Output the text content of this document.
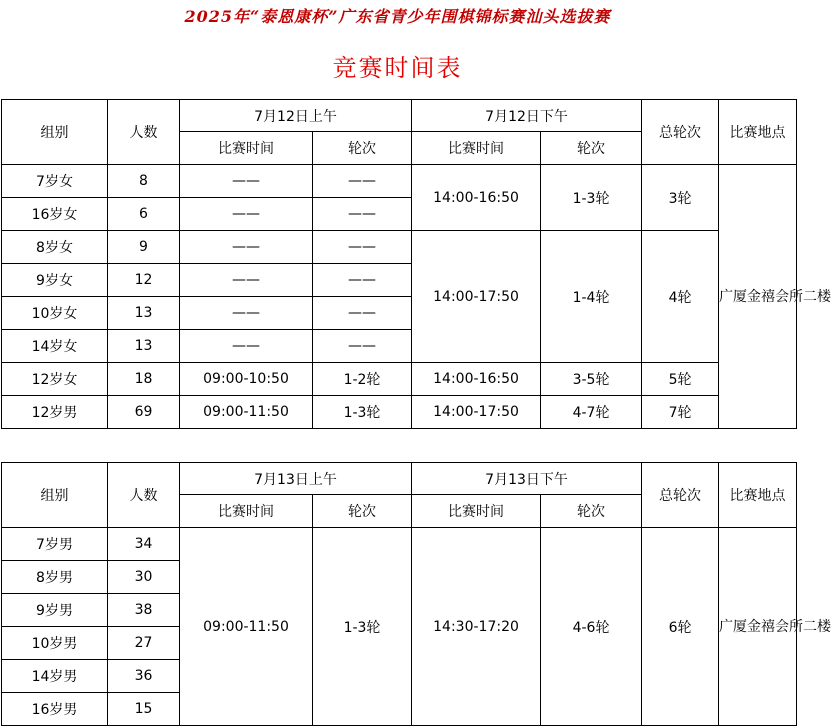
2025年“泰恩康杯”广东省青少年围棋锦标赛汕头选拔赛
竞赛时间表
组别	人数	7月12日上午		7月12日下午		总轮次	比赛地点
		比赛时间	轮次	比赛时间	轮次		
7岁女	8	——	——	14:00-16:50	1-3轮	3轮	广厦金禧会所二楼
16岁女	6	——	——				
8岁女	9	——	——	14:00-17:50	1-4轮	4轮	
9岁女	12	——	——				
10岁女	13	——	——				
14岁女	13	——	——				
12岁女	18	09:00-10:50	1-2轮	14:00-16:50	3-5轮	5轮	
12岁男	69	09:00-11:50	1-3轮	14:00-17:50	4-7轮	7轮	
组别	人数	7月13日上午		7月13日下午		总轮次	比赛地点
		比赛时间	轮次	比赛时间	轮次		
7岁男	34	09:00-11:50	1-3轮	14:30-17:20	4-6轮	6轮	广厦金禧会所二楼
8岁男	30						
9岁男	38						
10岁男	27						
14岁男	36						
16岁男	15						
